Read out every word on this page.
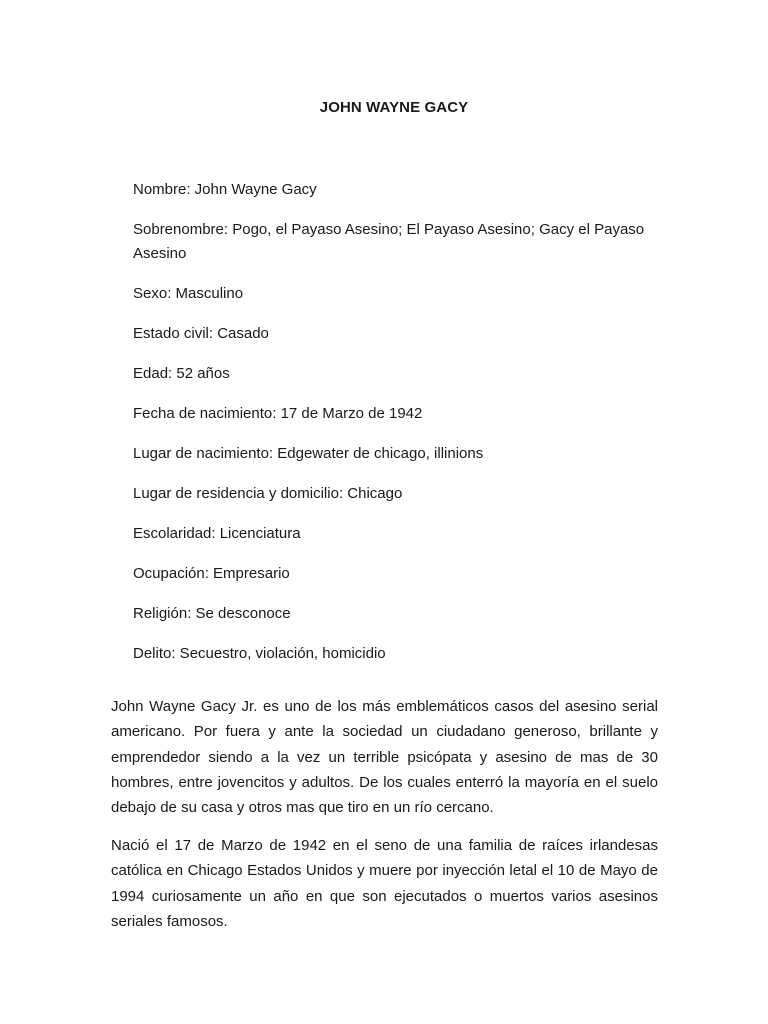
JOHN WAYNE GACY
Nombre: John Wayne Gacy
Sobrenombre: Pogo, el Payaso Asesino; El Payaso Asesino; Gacy el Payaso Asesino
Sexo: Masculino
Estado civil: Casado
Edad: 52 años
Fecha de nacimiento: 17 de Marzo de 1942
Lugar de nacimiento: Edgewater de chicago, illinions
Lugar de residencia y domicilio: Chicago
Escolaridad: Licenciatura
Ocupación: Empresario
Religión: Se desconoce
Delito: Secuestro, violación, homicidio

John Wayne Gacy Jr. es uno de los más emblemáticos casos del asesino serial americano. Por fuera y ante la sociedad un ciudadano generoso, brillante y emprendedor siendo a la vez un terrible psicópata y asesino de mas de 30 hombres, entre jovencitos y adultos. De los cuales enterró la mayoría en el suelo debajo de su casa y otros mas que tiro en un río cercano.

Nació el 17 de Marzo de 1942 en el seno de una familia de raíces irlandesas católica en Chicago Estados Unidos y muere por inyección letal el 10 de Mayo de 1994 curiosamente un año en que son ejecutados o muertos varios asesinos seriales famosos.
